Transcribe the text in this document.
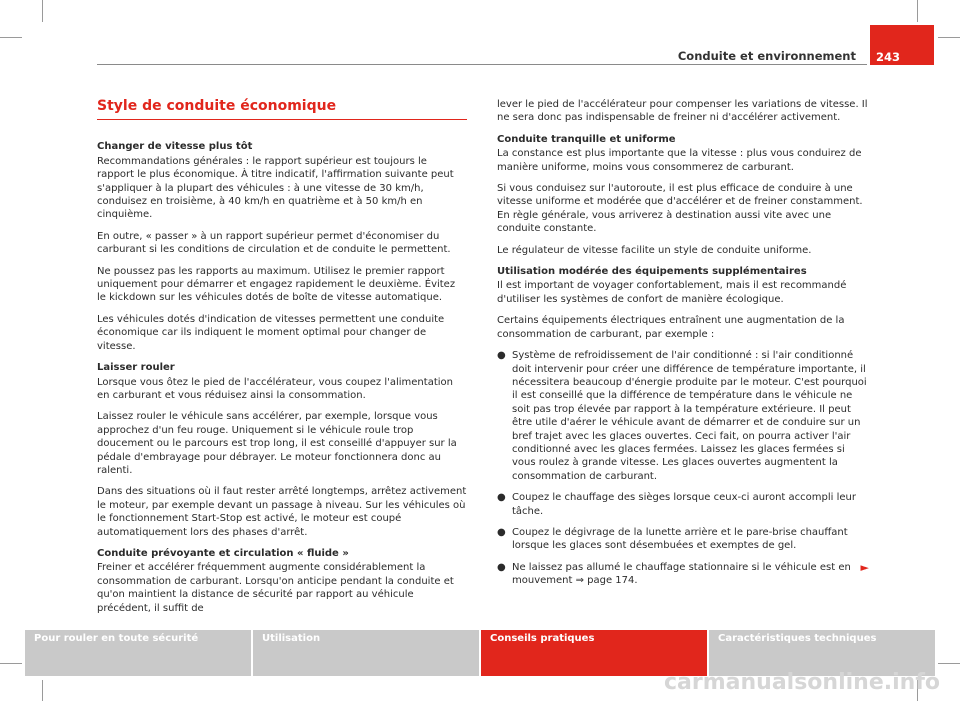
Conduite et environnement 243
Style de conduite économique

Changer de vitesse plus tôt

Recommandations générales : le rapport supérieur est toujours le rapport le plus économique. À titre indicatif, l'affirmation suivante peut s'appliquer à la plupart des véhicules : à une vitesse de 30 km/h, conduisez en troisième, à 40 km/h en quatrième et à 50 km/h en cinquième.

En outre, « passer » à un rapport supérieur permet d'économiser du carburant si les conditions de circulation et de conduite le permettent.

Ne poussez pas les rapports au maximum. Utilisez le premier rapport uniquement pour démarrer et engagez rapidement le deuxième. Évitez le kickdown sur les véhicules dotés de boîte de vitesse automatique.

Les véhicules dotés d'indication de vitesses permettent une conduite économique car ils indiquent le moment optimal pour changer de vitesse.

Laisser rouler

Lorsque vous ôtez le pied de l'accélérateur, vous coupez l'alimentation en carburant et vous réduisez ainsi la consommation.

Laissez rouler le véhicule sans accélérer, par exemple, lorsque vous approchez d'un feu rouge. Uniquement si le véhicule roule trop doucement ou le parcours est trop long, il est conseillé d'appuyer sur la pédale d'embrayage pour débrayer. Le moteur fonctionnera donc au ralenti.

Dans des situations où il faut rester arrêté longtemps, arrêtez activement le moteur, par exemple devant un passage à niveau. Sur les véhicules où le fonctionnement Start-Stop est activé, le moteur est coupé automatiquement lors des phases d'arrêt.

Conduite prévoyante et circulation « fluide »

Freiner et accélérer fréquemment augmente considérablement la consommation de carburant. Lorsqu'on anticipe pendant la conduite et qu'on maintient la distance de sécurité par rapport au véhicule précédent, il suffit de

lever le pied de l'accélérateur pour compenser les variations de vitesse. Il ne sera donc pas indispensable de freiner ni d'accélérer activement.

Conduite tranquille et uniforme

La constance est plus importante que la vitesse : plus vous conduirez de manière uniforme, moins vous consommerez de carburant.

Si vous conduisez sur l'autoroute, il est plus efficace de conduire à une vitesse uniforme et modérée que d'accélérer et de freiner constamment. En règle générale, vous arriverez à destination aussi vite avec une conduite constante.

Le régulateur de vitesse facilite un style de conduite uniforme.

Utilisation modérée des équipements supplémentaires

Il est important de voyager confortablement, mais il est recommandé d'utiliser les systèmes de confort de manière écologique.

Certains équipements électriques entraînent une augmentation de la consommation de carburant, par exemple :

● Système de refroidissement de l'air conditionné : si l'air conditionné doit intervenir pour créer une différence de température importante, il nécessitera beaucoup d'énergie produite par le moteur. C'est pourquoi il est conseillé que la différence de température dans le véhicule ne soit pas trop élevée par rapport à la température extérieure. Il peut être utile d'aérer le véhicule avant de démarrer et de conduire sur un bref trajet avec les glaces ouvertes. Ceci fait, on pourra activer l'air conditionné avec les glaces fermées. Laissez les glaces fermées si vous roulez à grande vitesse. Les glaces ouvertes augmentent la consommation de carburant.

● Coupez le chauffage des sièges lorsque ceux-ci auront accompli leur tâche.

● Coupez le dégivrage de la lunette arrière et le pare-brise chauffant lorsque les glaces sont désembuées et exemptes de gel.

● Ne laissez pas allumé le chauffage stationnaire si le véhicule est en mouvement ⇒ page 174.
►

Pour rouler en toute sécurité	Utilisation	Conseils pratiques	Caractéristiques techniques
carmanualsonline.info
